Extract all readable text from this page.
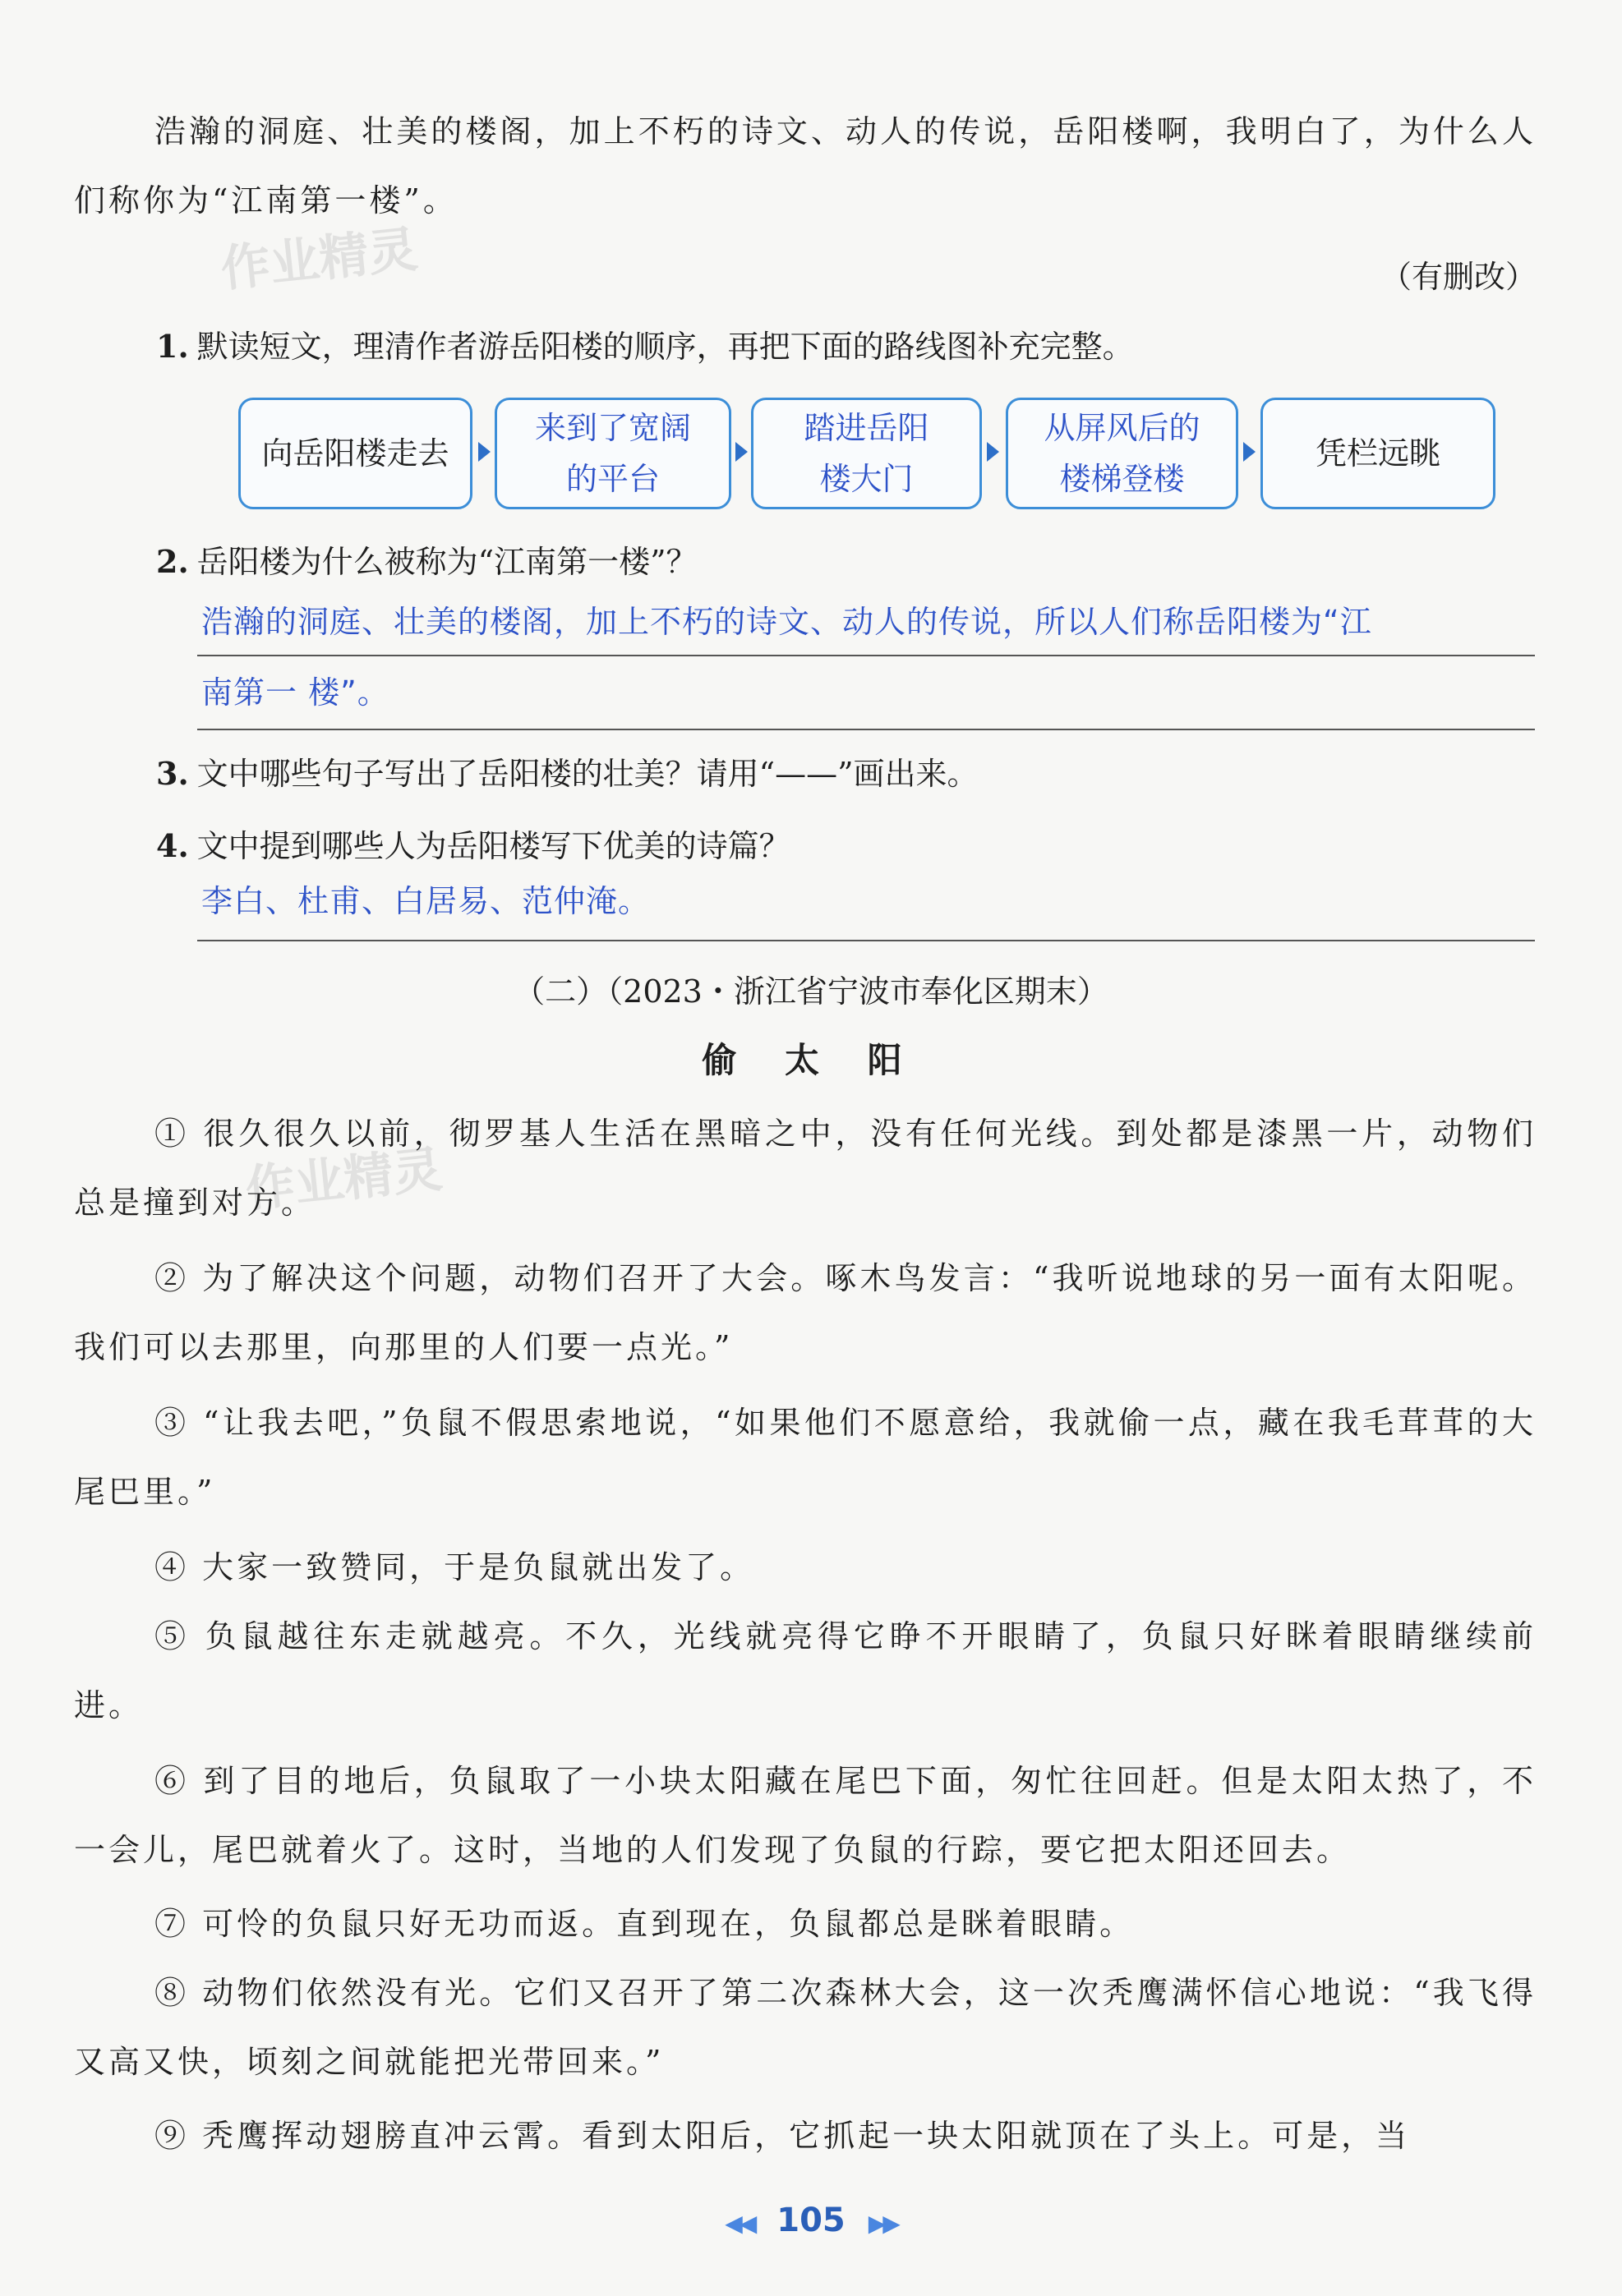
作业精灵
作业精灵

浩瀚的洞庭、壮美的楼阁，加上不朽的诗文、动人的传说，岳阳楼啊，我明白了，为什么人们称你为“江南第一楼”。

（有删改）

1. 默读短文，理清作者游岳阳楼的顺序，再把下面的路线图补充完整。

向岳阳楼走去
来到了宽阔
的平台
踏进岳阳
楼大门
从屏风后的
楼梯登楼
凭栏远眺

2. 岳阳楼为什么被称为“江南第一楼”？

浩瀚的洞庭、壮美的楼阁，加上不朽的诗文、动人的传说，所以人们称岳阳楼为“江

南第一 楼”。

3. 文中哪些句子写出了岳阳楼的壮美？请用“——”画出来。

4. 文中提到哪些人为岳阳楼写下优美的诗篇？

李白、杜甫、白居易、范仲淹。

（二）（2023・浙江省宁波市奉化区期末）

偷 太 阳

① 很久很久以前，彻罗基人生活在黑暗之中，没有任何光线。到处都是漆黑一片，动物们总是撞到对方。

② 为了解决这个问题，动物们召开了大会。啄木鸟发言：“我听说地球的另一面有太阳呢。我们可以去那里，向那里的人们要一点光。”

③ “让我去吧，”负鼠不假思索地说，“如果他们不愿意给，我就偷一点，藏在我毛茸茸的大尾巴里。”

④ 大家一致赞同，于是负鼠就出发了。

⑤ 负鼠越往东走就越亮。不久，光线就亮得它睁不开眼睛了，负鼠只好眯着眼睛继续前进。

⑥ 到了目的地后，负鼠取了一小块太阳藏在尾巴下面，匆忙往回赶。但是太阳太热了，不一会儿，尾巴就着火了。这时，当地的人们发现了负鼠的行踪，要它把太阳还回去。

⑦ 可怜的负鼠只好无功而返。直到现在，负鼠都总是眯着眼睛。

⑧ 动物们依然没有光。它们又召开了第二次森林大会，这一次秃鹰满怀信心地说：“我飞得又高又快，顷刻之间就能把光带回来。”

⑨ 秃鹰挥动翅膀直冲云霄。看到太阳后，它抓起一块太阳就顶在了头上。可是，当

◀◀ 105 ▶▶
